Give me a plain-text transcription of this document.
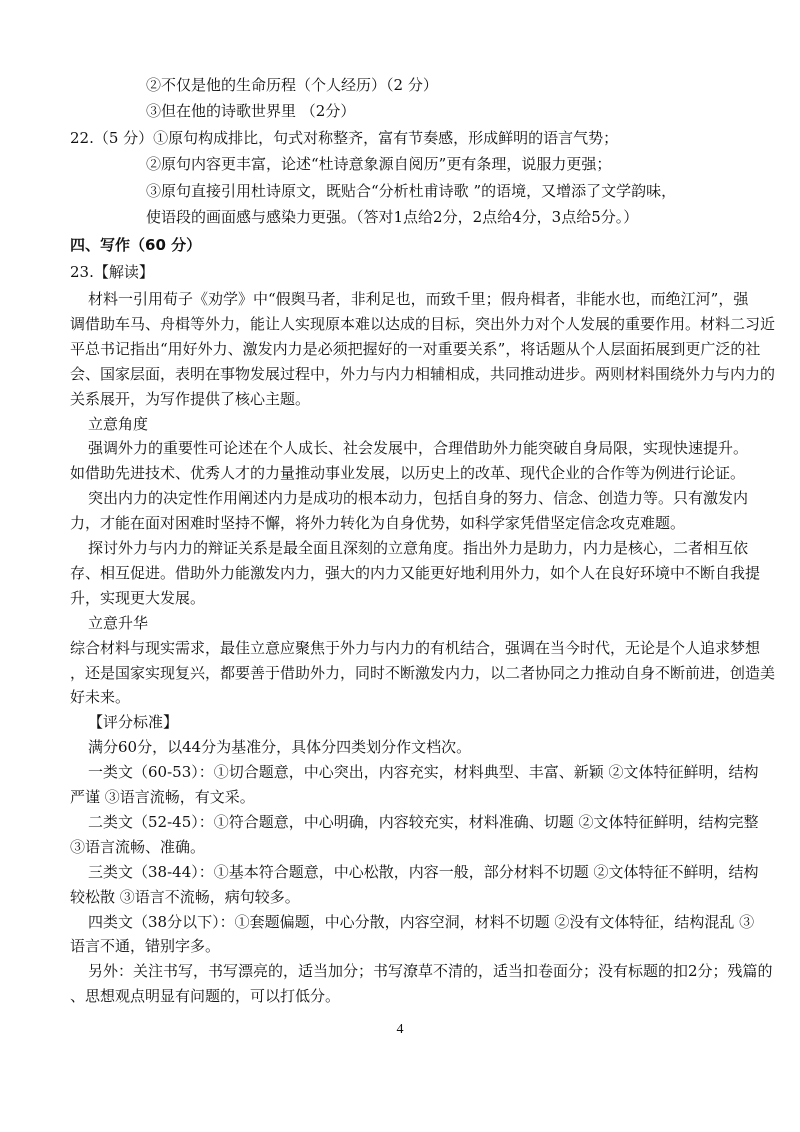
②不仅是他的生命历程（个人经历）（2 分）
③但在他的诗歌世界里 （2分）
22.（5 分）①原句构成排比，句式对称整齐，富有节奏感，形成鲜明的语言气势；
②原句内容更丰富，论述“杜诗意象源自阅历”更有条理，说服力更强；
③原句直接引用杜诗原文，既贴合“分析杜甫诗歌 ”的语境，又增添了文学韵味，
使语段的画面感与感染力更强。（答对1点给2分，2点给4分，3点给5分。）
四、写作（60 分）
23.【解读】
材料一引用荀子《劝学》中“假舆马者，非利足也，而致千里；假舟楫者，非能水也，而绝江河”，强
调借助车马、舟楫等外力，能让人实现原本难以达成的目标，突出外力对个人发展的重要作用。材料二习近
平总书记指出“用好外力、激发内力是必须把握好的一对重要关系”，将话题从个人层面拓展到更广泛的社
会、国家层面，表明在事物发展过程中，外力与内力相辅相成，共同推动进步。两则材料围绕外力与内力的
关系展开，为写作提供了核心主题。
立意角度
强调外力的重要性可论述在个人成长、社会发展中，合理借助外力能突破自身局限，实现快速提升。
如借助先进技术、优秀人才的力量推动事业发展，以历史上的改革、现代企业的合作等为例进行论证。
突出内力的决定性作用阐述内力是成功的根本动力，包括自身的努力、信念、创造力等。只有激发内
力，才能在面对困难时坚持不懈，将外力转化为自身优势，如科学家凭借坚定信念攻克难题。
探讨外力与内力的辩证关系是最全面且深刻的立意角度。指出外力是助力，内力是核心，二者相互依
存、相互促进。借助外力能激发内力，强大的内力又能更好地利用外力，如个人在良好环境中不断自我提
升，实现更大发展。
立意升华
综合材料与现实需求，最佳立意应聚焦于外力与内力的有机结合，强调在当今时代，无论是个人追求梦想
，还是国家实现复兴，都要善于借助外力，同时不断激发内力，以二者协同之力推动自身不断前进，创造美
好未来。
【评分标准】
满分60分，以44分为基准分，具体分四类划分作文档次。
一类文（60-53）：①切合题意，中心突出，内容充实，材料典型、丰富、新颖 ②文体特征鲜明，结构
严谨 ③语言流畅，有文采。
二类文（52-45）：①符合题意，中心明确，内容较充实，材料准确、切题 ②文体特征鲜明，结构完整
③语言流畅、准确。
三类文（38-44）：①基本符合题意，中心松散，内容一般，部分材料不切题 ②文体特征不鲜明，结构
较松散 ③语言不流畅，病句较多。
四类文（38分以下）：①套题偏题，中心分散，内容空洞，材料不切题 ②没有文体特征，结构混乱 ③
语言不通，错别字多。
另外：关注书写，书写漂亮的，适当加分；书写潦草不清的，适当扣卷面分；没有标题的扣2分；残篇的
4
、思想观点明显有问题的，可以打低分。
